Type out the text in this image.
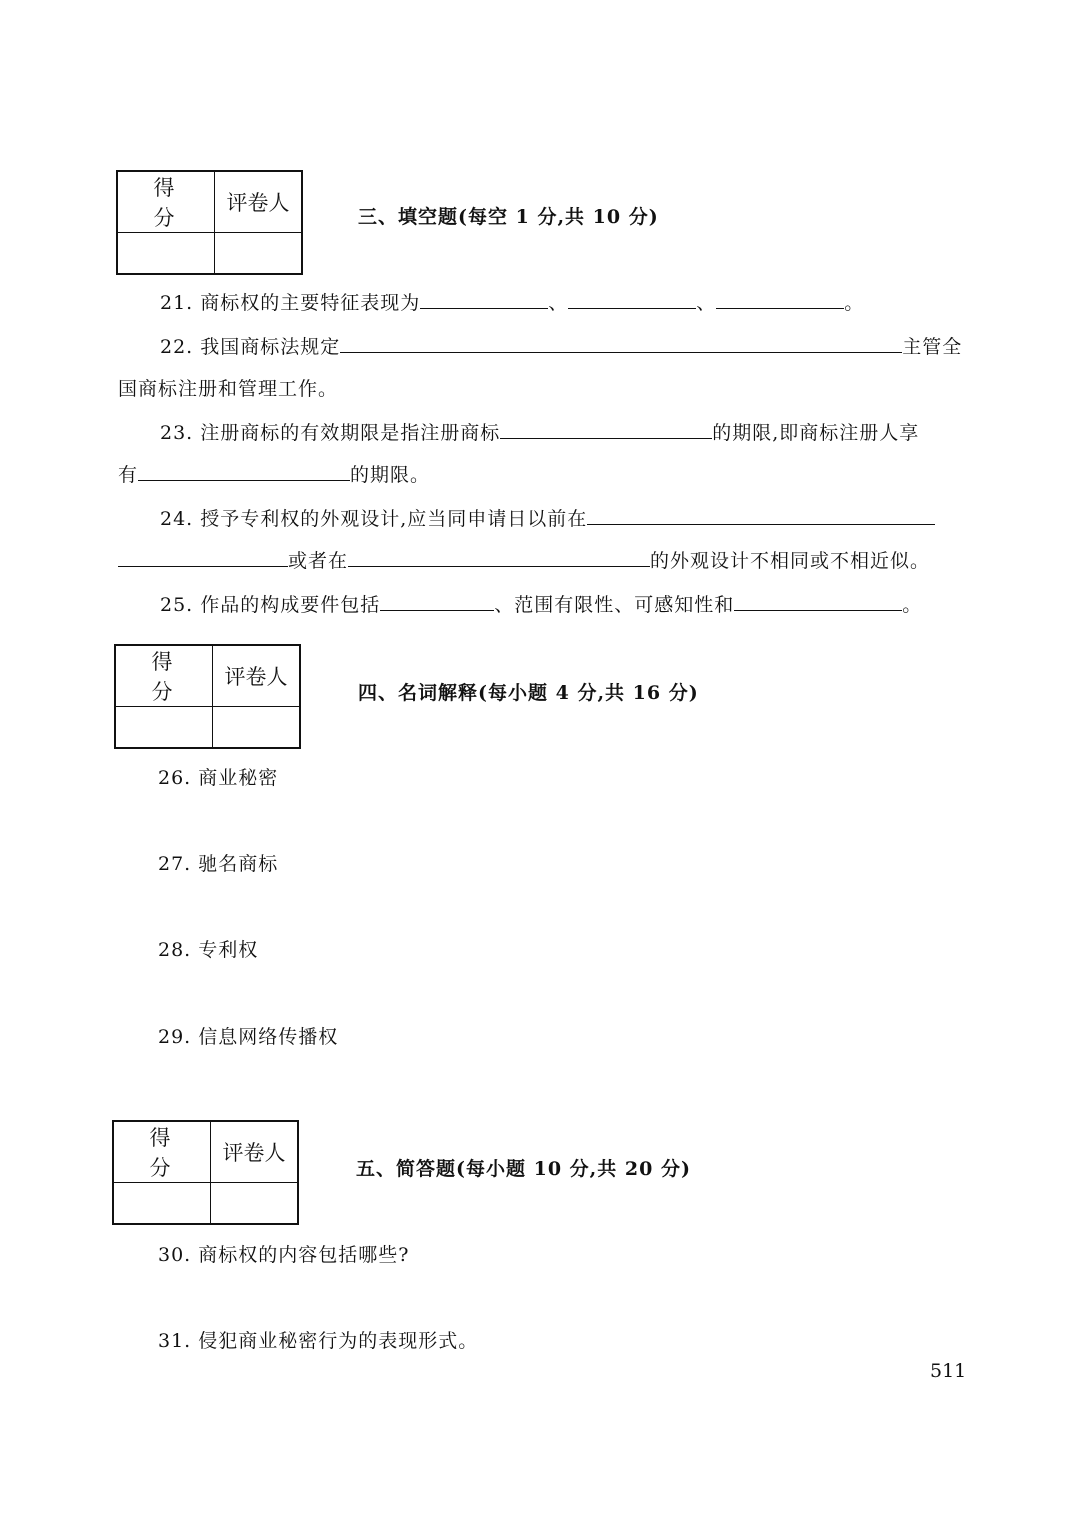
得 分	评卷人

三、填空题(每空 1 分,共 10 分)
21. 商标权的主要特征表现为	、	、	。
22. 我国商标法规定	主管全
国商标注册和管理工作。
23. 注册商标的有效期限是指注册商标	的期限,即商标注册人享
有	的期限。
24. 授予专利权的外观设计,应当同申请日以前在
或者在	的外观设计不相同或不相近似。
25. 作品的构成要件包括	、范围有限性、可感知性和	。
得 分	评卷人

四、名词解释(每小题 4 分,共 16 分)
26. 商业秘密
27. 驰名商标
28. 专利权
29. 信息网络传播权
得 分	评卷人

五、简答题(每小题 10 分,共 20 分)
30. 商标权的内容包括哪些?
31. 侵犯商业秘密行为的表现形式。
511
